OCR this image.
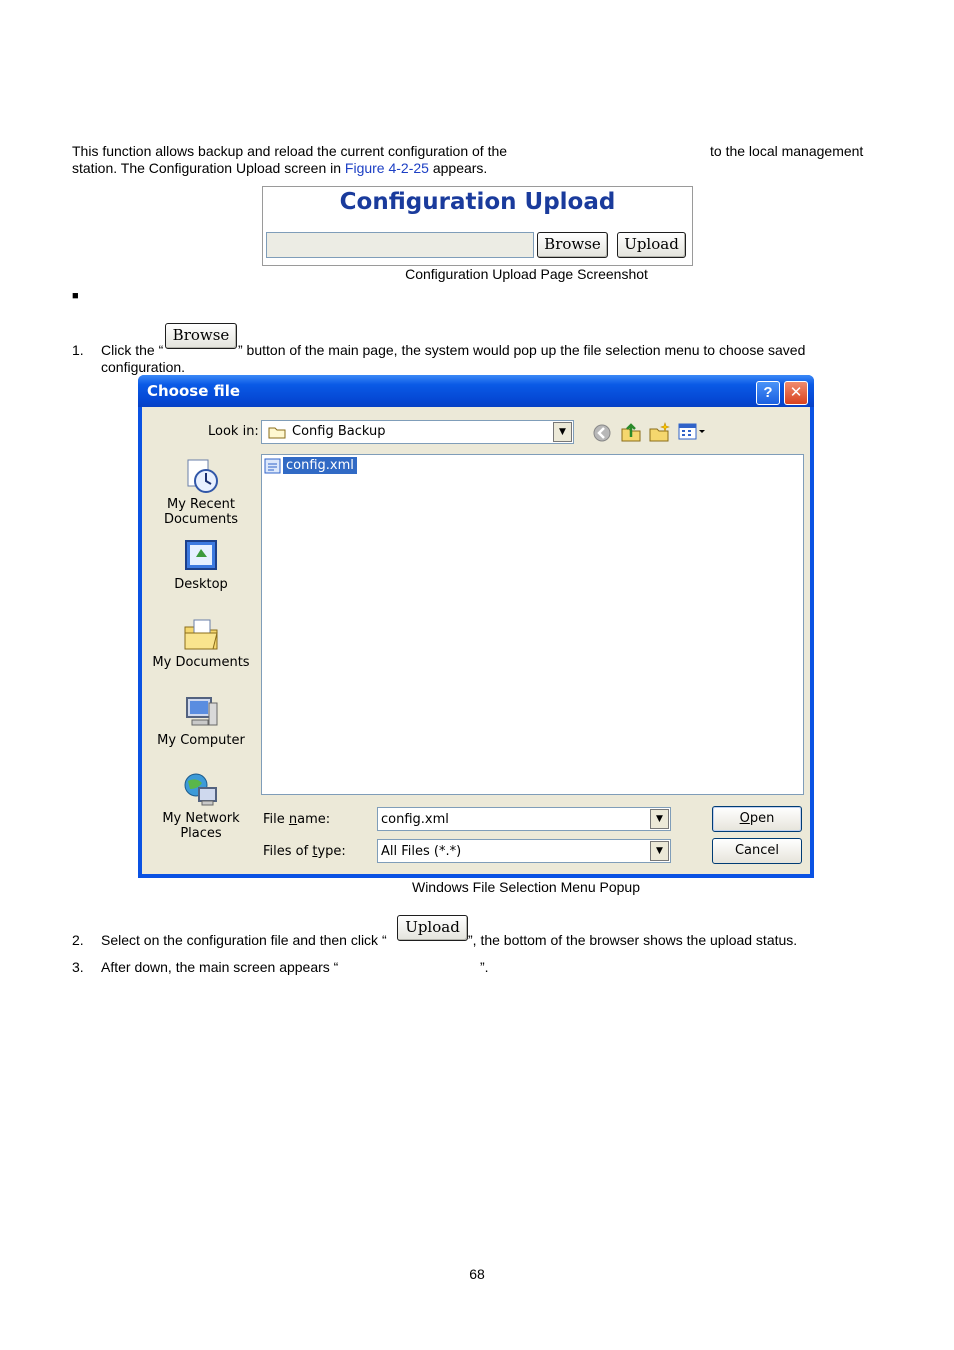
This function allows backup and reload the current configuration of the	to the local management
station. The Configuration Upload screen in Figure 4-2-25 appears.
Configuration Upload
Browse	Upload
Configuration Upload Page Screenshot
■
1. Click the “
Browse
” button of the main page, the system would pop up the file selection menu to choose saved
configuration.
Choose file	?	✕
Look in:	Config Backup	▼
My Recent
Documents
Desktop
My Documents
My Computer
My Network
Places
config.xml
File name:	config.xml	▼
Files of type:	All Files (*.*)	▼
Open
Cancel
Windows File Selection Menu Popup
2. Select on the configuration file and then click “
Upload
”, the bottom of the browser shows the upload status.
3. After down, the main screen appears “	”.
68
